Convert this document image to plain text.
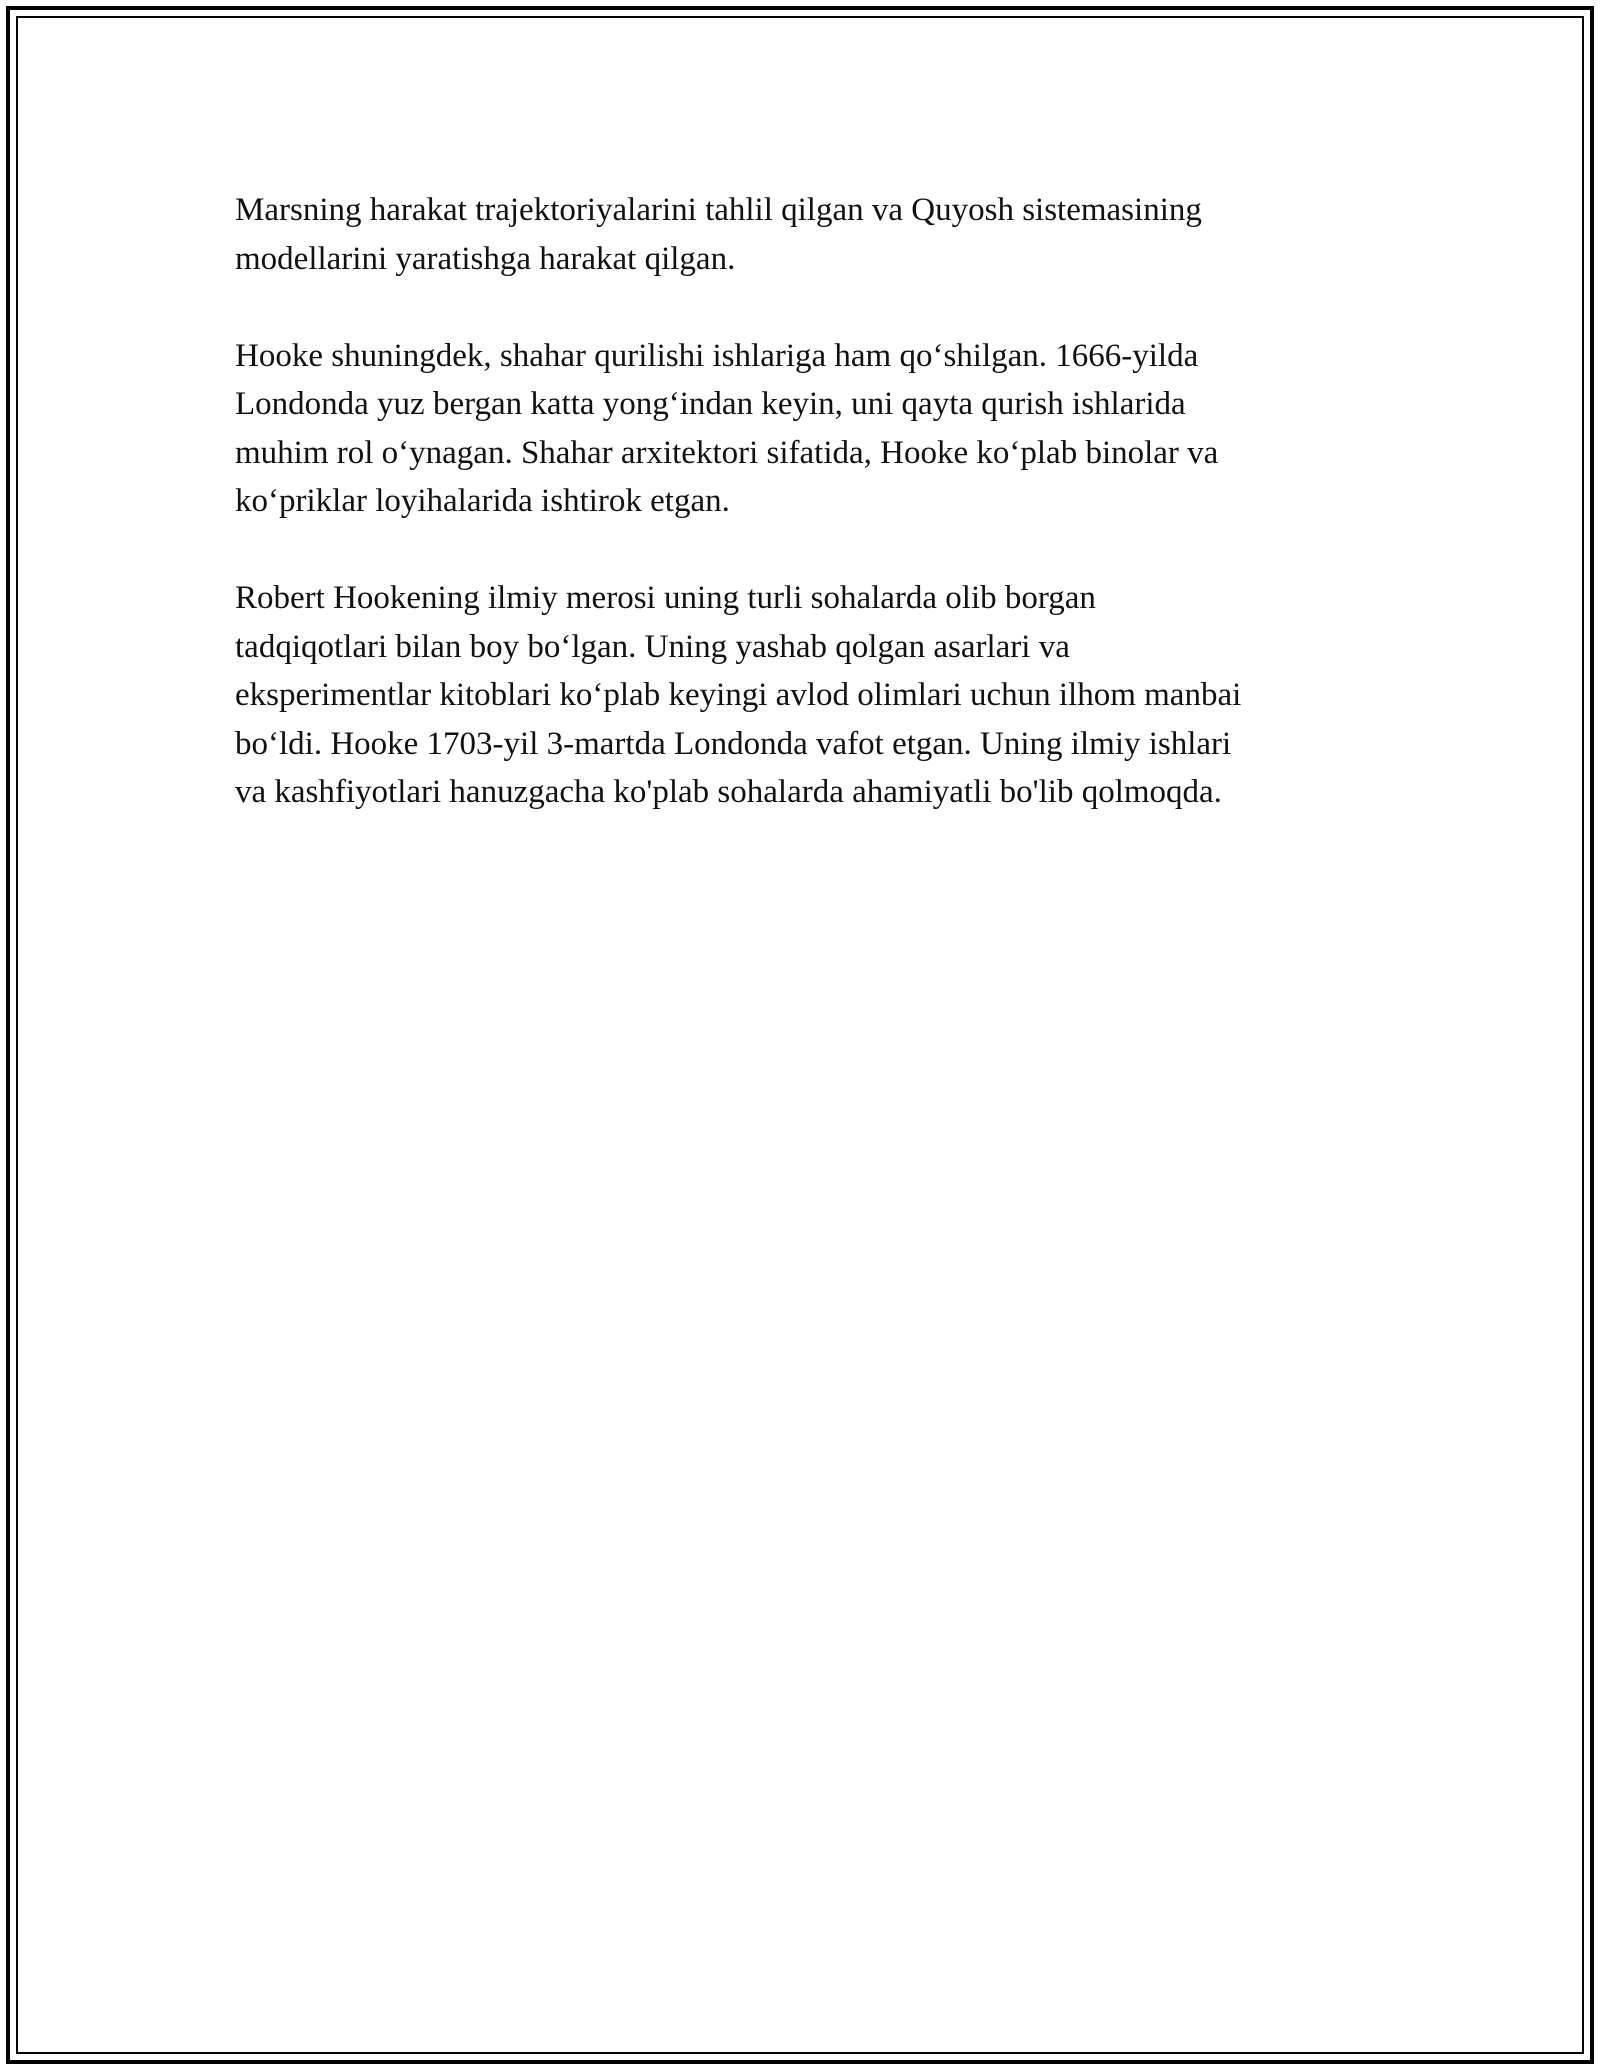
Marsning harakat trajektoriyalarini tahlil qilgan va Quyosh sistemasining
modellarini yaratishga harakat qilgan.

Hooke shuningdek, shahar qurilishi ishlariga ham qoʻshilgan. 1666-yilda
Londonda yuz bergan katta yongʻindan keyin, uni qayta qurish ishlarida
muhim rol oʻynagan. Shahar arxitektori sifatida, Hooke koʻplab binolar va
koʻpriklar loyihalarida ishtirok etgan.

Robert Hookening ilmiy merosi uning turli sohalarda olib borgan
tadqiqotlari bilan boy boʻlgan. Uning yashab qolgan asarlari va
eksperimentlar kitoblari koʻplab keyingi avlod olimlari uchun ilhom manbai
boʻldi. Hooke 1703-yil 3-martda Londonda vafot etgan. Uning ilmiy ishlari
va kashfiyotlari hanuzgacha ko'plab sohalarda ahamiyatli bo'lib qolmoqda.
